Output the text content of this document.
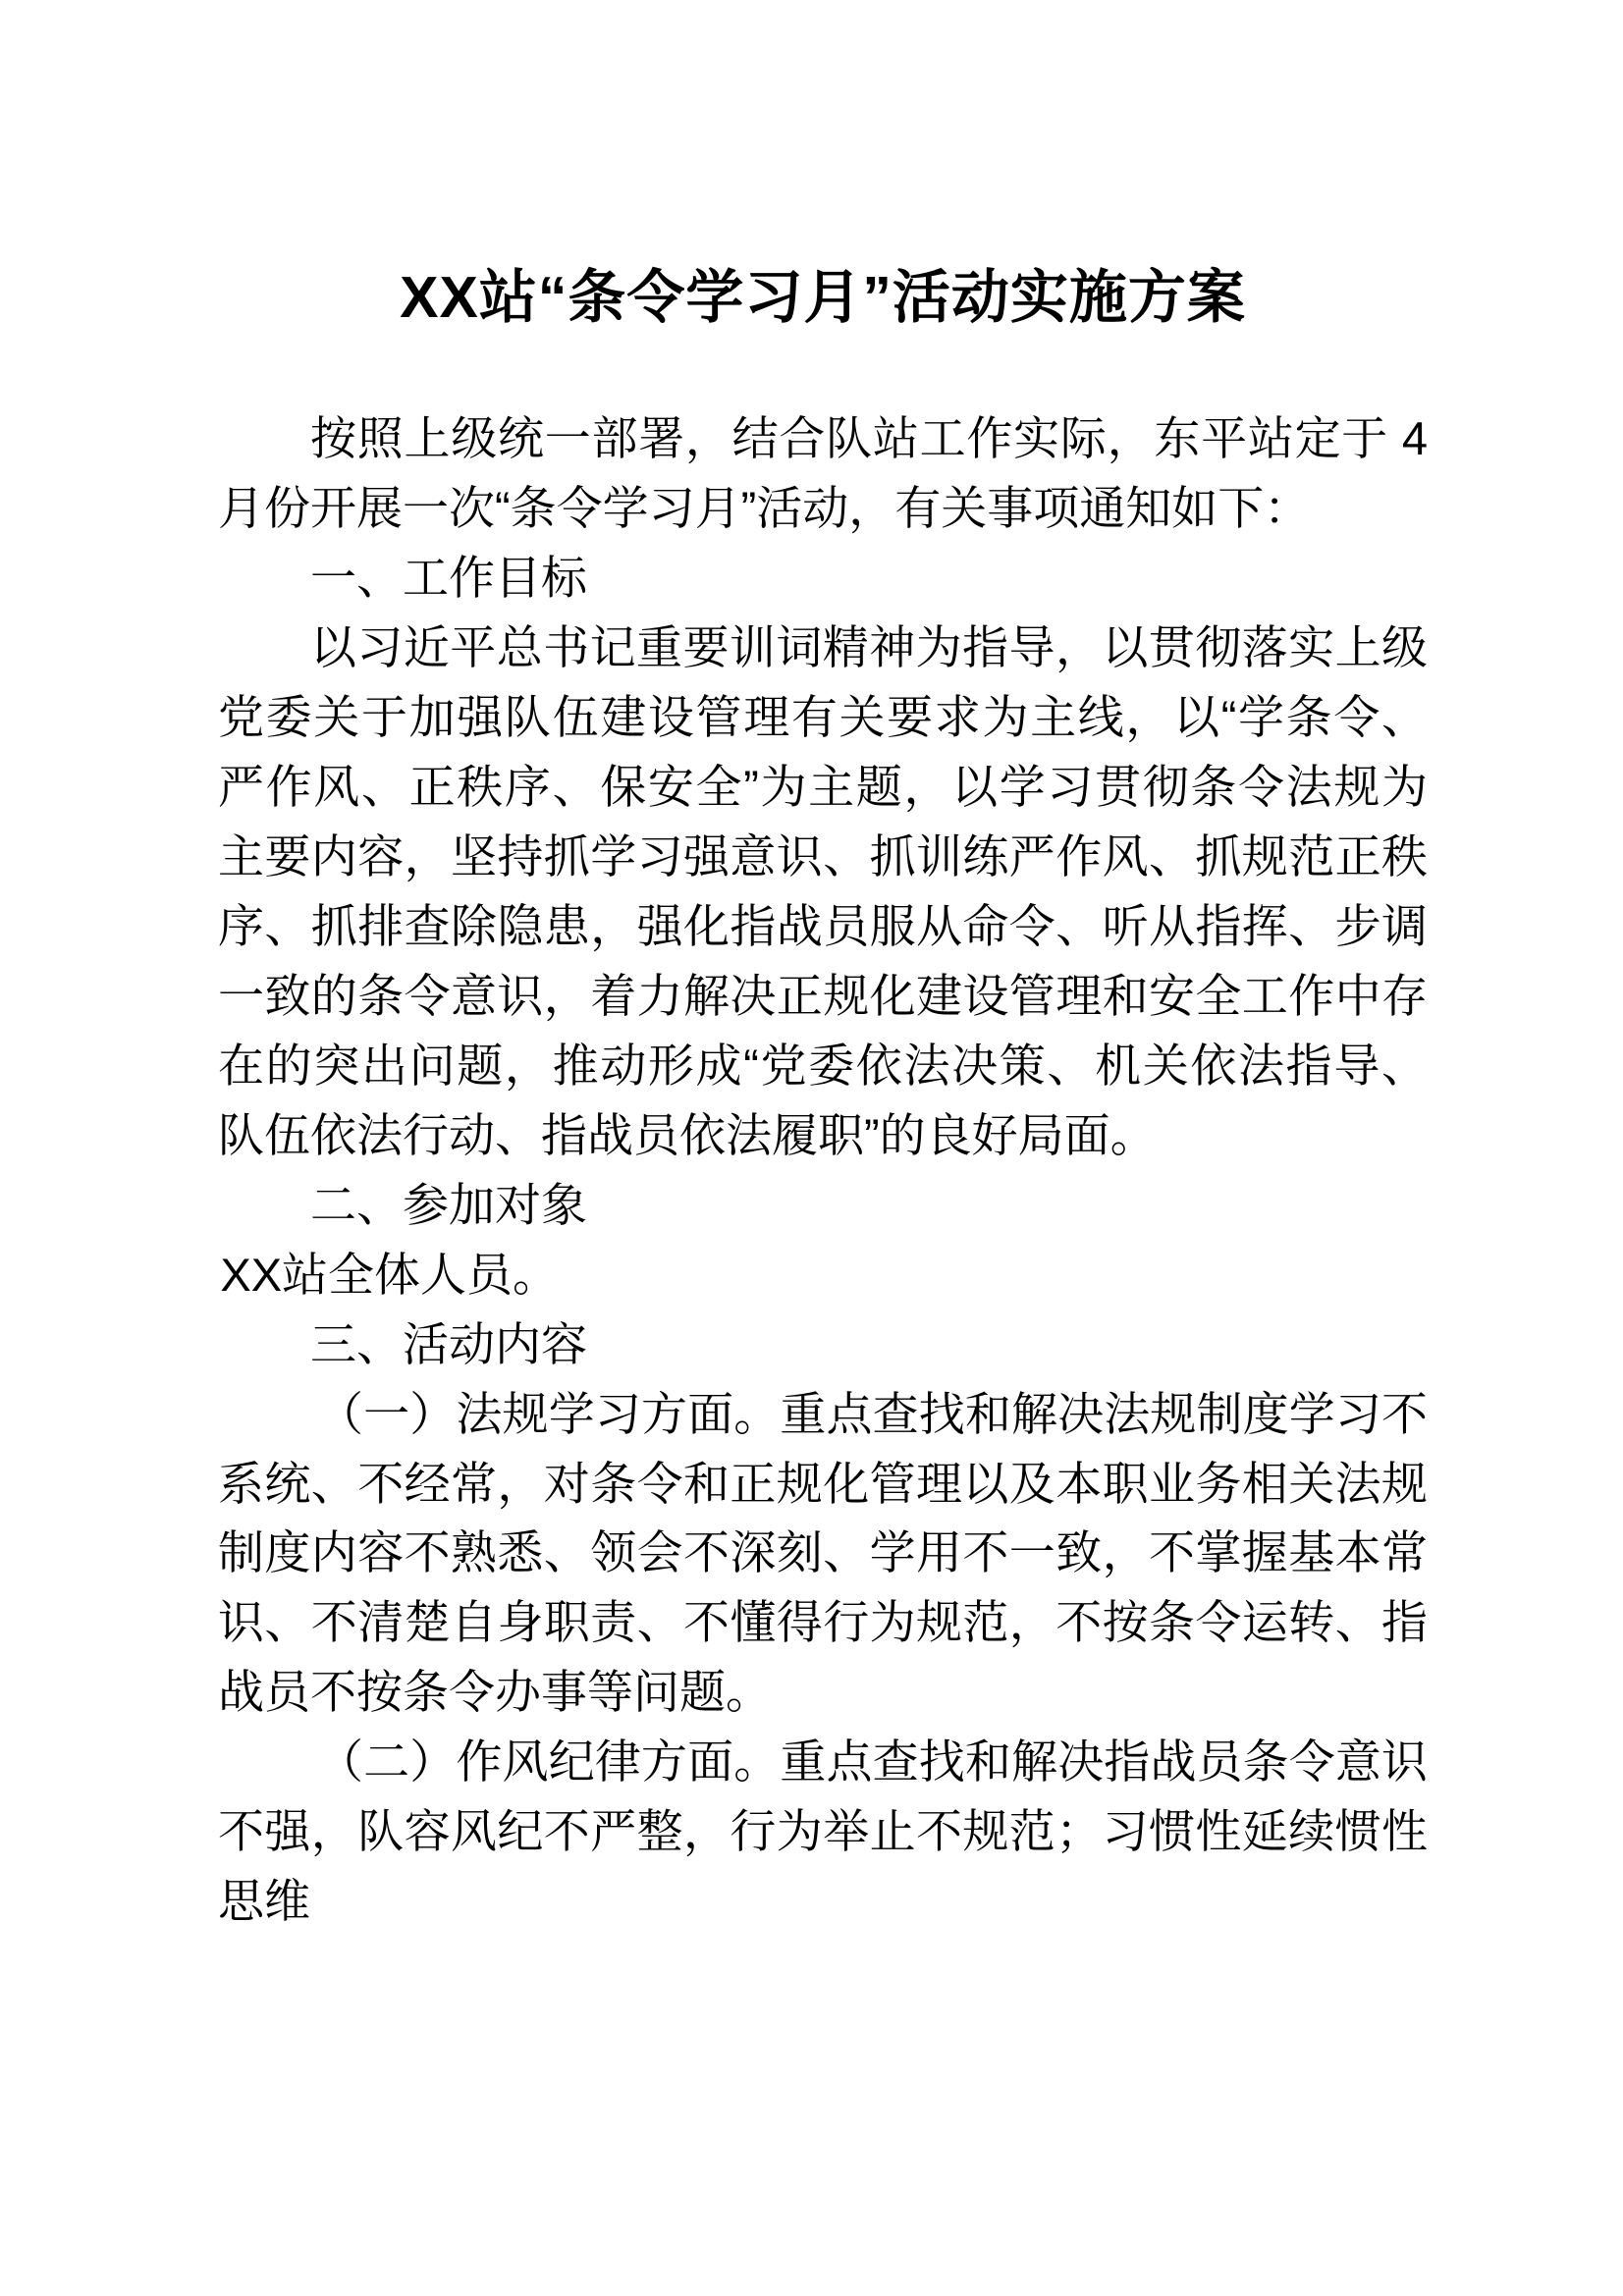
XX站“条令学习月”活动实施方案

按照上级统一部署，结合队站工作实际，东平站定于 4 月份开展一次“条令学习月”活动，有关事项通知如下：

一、工作目标

以习近平总书记重要训词精神为指导，以贯彻落实上级党委关于加强队伍建设管理有关要求为主线，以“学条令、严作风、正秩序、保安全”为主题，以学习贯彻条令法规为主要内容，坚持抓学习强意识、抓训练严作风、抓规范正秩序、抓排查除隐患，强化指战员服从命令、听从指挥、步调一致的条令意识，着力解决正规化建设管理和安全工作中存在的突出问题，推动形成“党委依法决策、机关依法指导、队伍依法行动、指战员依法履职”的良好局面。

二、参加对象

XX站全体人员。

三、活动内容

（一）法规学习方面。重点查找和解决法规制度学习不系统、不经常，对条令和正规化管理以及本职业务相关法规制度内容不熟悉、领会不深刻、学用不一致，不掌握基本常识、不清楚自身职责、不懂得行为规范，不按条令运转、指战员不按条令办事等问题。

（二）作风纪律方面。重点查找和解决指战员条令意识不强，队容风纪不严整，行为举止不规范；习惯性延续惯性思维
